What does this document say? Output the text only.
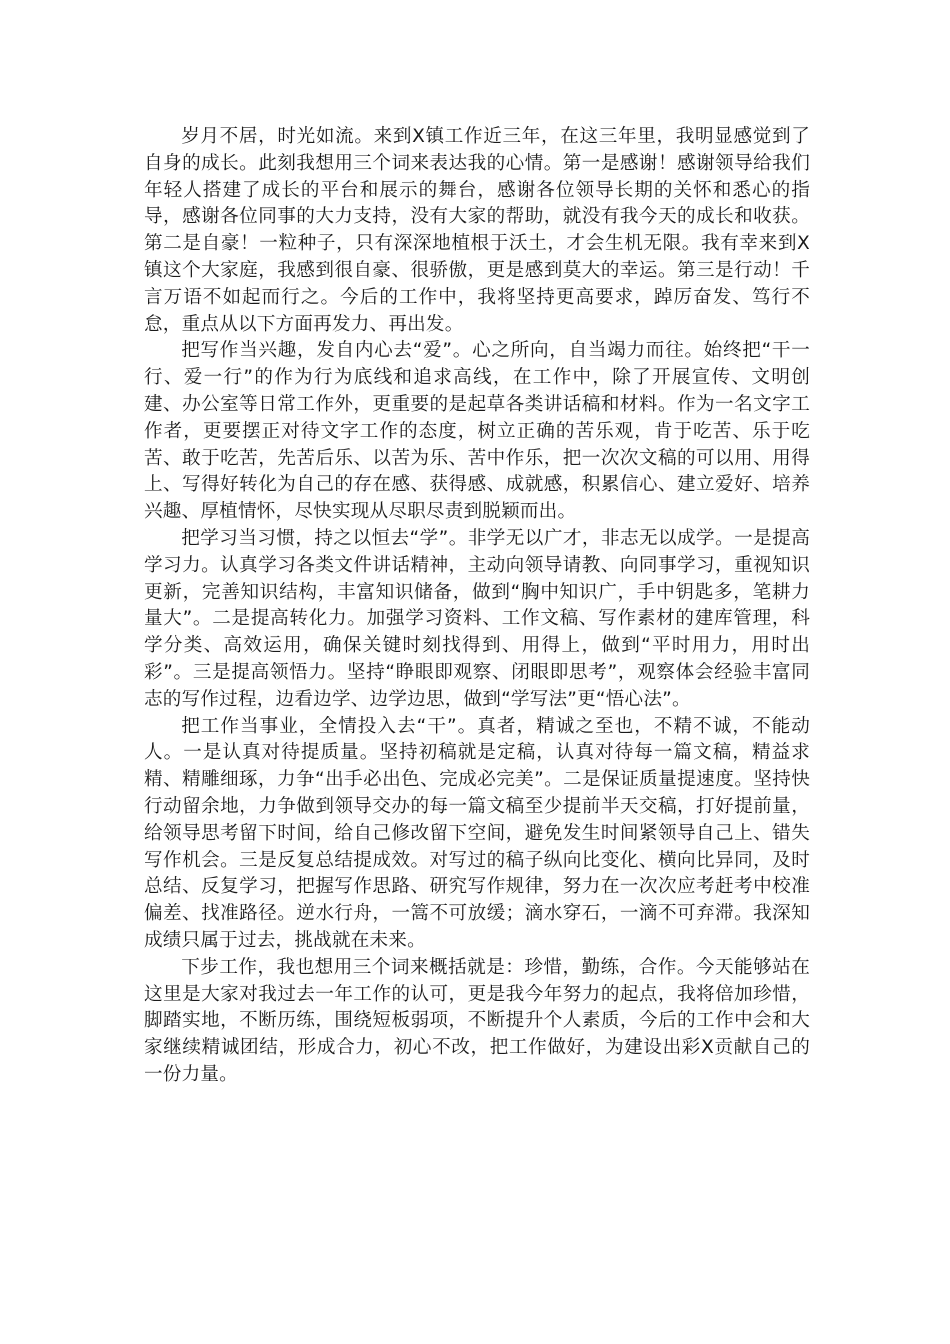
岁月不居，时光如流。来到X镇工作近三年，在这三年里，我明显感觉到了自身的成长。此刻我想用三个词来表达我的心情。第一是感谢！感谢领导给我们年轻人搭建了成长的平台和展示的舞台，感谢各位领导长期的关怀和悉心的指导，感谢各位同事的大力支持，没有大家的帮助，就没有我今天的成长和收获。第二是自豪！一粒种子，只有深深地植根于沃土，才会生机无限。我有幸来到X镇这个大家庭，我感到很自豪、很骄傲，更是感到莫大的幸运。第三是行动！千言万语不如起而行之。今后的工作中，我将坚持更高要求，踔厉奋发、笃行不怠，重点从以下方面再发力、再出发。

把写作当兴趣，发自内心去“爱”。心之所向，自当竭力而往。始终把“干一行、爱一行”的作为行为底线和追求高线，在工作中，除了开展宣传、文明创建、办公室等日常工作外，更重要的是起草各类讲话稿和材料。作为一名文字工作者，更要摆正对待文字工作的态度，树立正确的苦乐观，肯于吃苦、乐于吃苦、敢于吃苦，先苦后乐、以苦为乐、苦中作乐，把一次次文稿的可以用、用得上、写得好转化为自己的存在感、获得感、成就感，积累信心、建立爱好、培养兴趣、厚植情怀，尽快实现从尽职尽责到脱颖而出。

把学习当习惯，持之以恒去“学”。非学无以广才，非志无以成学。一是提高学习力。认真学习各类文件讲话精神，主动向领导请教、向同事学习，重视知识更新，完善知识结构，丰富知识储备，做到“胸中知识广，手中钥匙多，笔耕力量大”。二是提高转化力。加强学习资料、工作文稿、写作素材的建库管理，科学分类、高效运用，确保关键时刻找得到、用得上，做到“平时用力，用时出彩”。三是提高领悟力。坚持“睁眼即观察、闭眼即思考”，观察体会经验丰富同志的写作过程，边看边学、边学边思，做到“学写法”更“悟心法”。

把工作当事业，全情投入去“干”。真者，精诚之至也，不精不诚，不能动人。一是认真对待提质量。坚持初稿就是定稿，认真对待每一篇文稿，精益求精、精雕细琢，力争“出手必出色、完成必完美”。二是保证质量提速度。坚持快行动留余地，力争做到领导交办的每一篇文稿至少提前半天交稿，打好提前量，给领导思考留下时间，给自己修改留下空间，避免发生时间紧领导自己上、错失写作机会。三是反复总结提成效。对写过的稿子纵向比变化、横向比异同，及时总结、反复学习，把握写作思路、研究写作规律，努力在一次次应考赶考中校准偏差、找准路径。逆水行舟，一篙不可放缓；滴水穿石，一滴不可弃滞。我深知成绩只属于过去，挑战就在未来。

下步工作，我也想用三个词来概括就是：珍惜，勤练，合作。今天能够站在这里是大家对我过去一年工作的认可，更是我今年努力的起点，我将倍加珍惜，脚踏实地，不断历练，围绕短板弱项，不断提升个人素质，今后的工作中会和大家继续精诚团结，形成合力，初心不改，把工作做好，为建设出彩X贡献自己的一份力量。
